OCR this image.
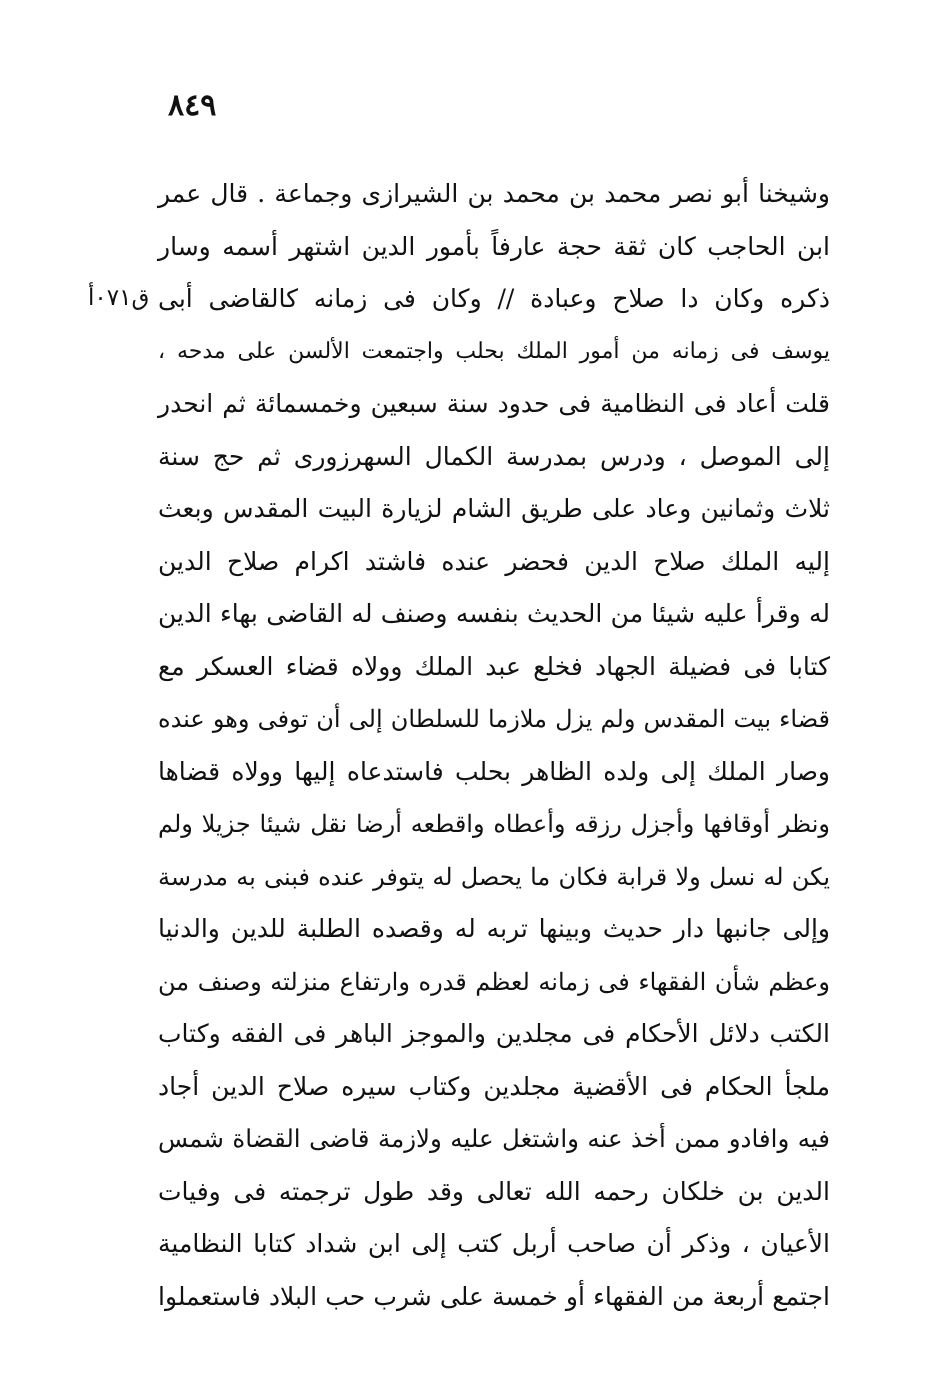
٨٤٩
ق٠٧١أ
وشيخنا أبو نصر محمد بن محمد بن الشيرازى وجماعة . قال عمر
ابن الحاجب كان ثقة حجة عارفاً بأمور الدين اشتهر أسمه وسار
ذكره وكان دا صلاح وعبادة // وكان فى زمانه كالقاضى أبى
يوسف فى زمانه من أمور الملك بحلب واجتمعت الألسن على مدحه ،
قلت أعاد فى النظامية فى حدود سنة سبعين وخمسمائة ثم انحدر
إلى الموصل ، ودرس بمدرسة الكمال السهرزورى ثم حج سنة
ثلاث وثمانين وعاد على طريق الشام لزيارة البيت المقدس وبعث
إليه الملك صلاح الدين فحضر عنده فاشتد اكرام صلاح الدين
له وقرأ عليه شيئا من الحديث بنفسه وصنف له القاضى بهاء الدين
كتابا فى فضيلة الجهاد فخلع عبد الملك وولاه قضاء العسكر مع
قضاء بيت المقدس ولم يزل ملازما للسلطان إلى أن توفى وهو عنده
وصار الملك إلى ولده الظاهر بحلب فاستدعاه إليها وولاه قضاها
ونظر أوقافها وأجزل رزقه وأعطاه واقطعه أرضا نقل شيئا جزيلا ولم
يكن له نسل ولا قرابة فكان ما يحصل له يتوفر عنده فبنى به مدرسة
وإلى جانبها دار حديث وبينها تربه له وقصده الطلبة للدين والدنيا
وعظم شأن الفقهاء فى زمانه لعظم قدره وارتفاع منزلته وصنف من
الكتب دلائل الأحكام فى مجلدين والموجز الباهر فى الفقه وكتاب
ملجأ الحكام فى الأقضية مجلدين وكتاب سيره صلاح الدين أجاد
فيه وافادو ممن أخذ عنه واشتغل عليه ولازمة قاضى القضاة شمس
الدين بن خلكان رحمه الله تعالى وقد طول ترجمته فى وفيات
الأعيان ، وذكر أن صاحب أربل كتب إلى ابن شداد كتابا النظامية
اجتمع أربعة من الفقهاء أو خمسة على شرب حب البلاد فاستعملوا
